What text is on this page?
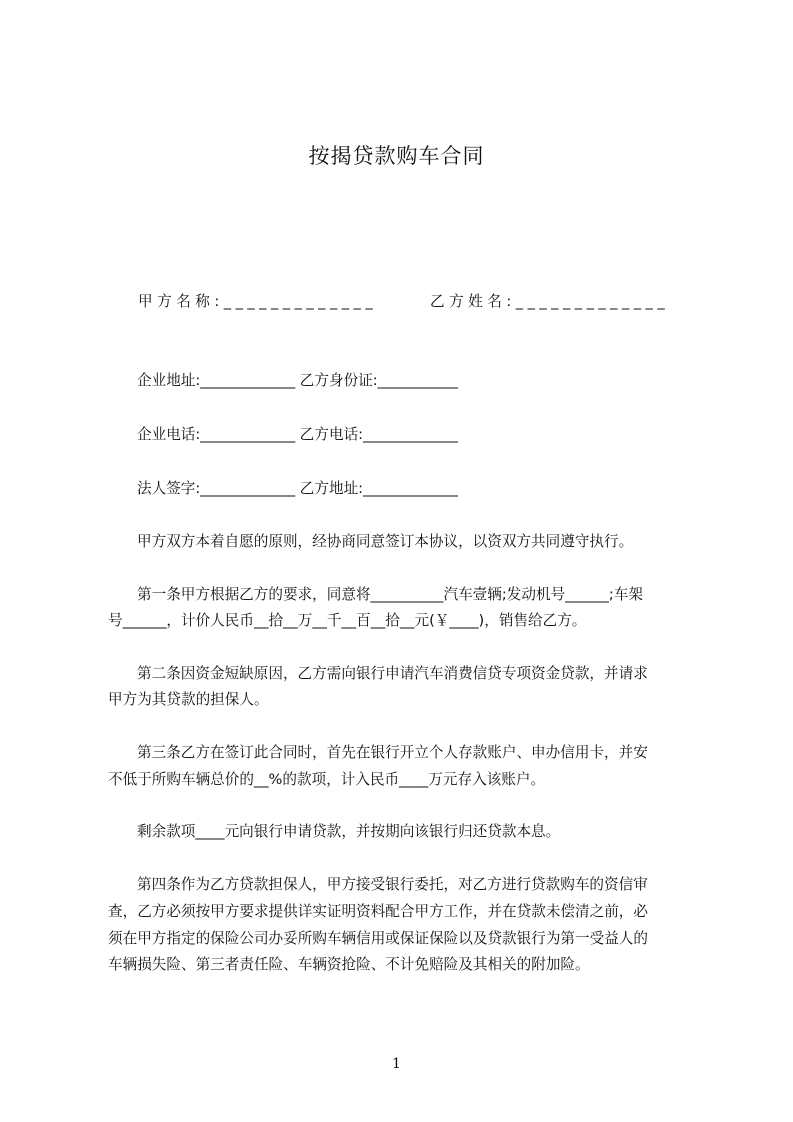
按揭贷款购车合同

甲方名称:_____________	乙方姓名:_____________

企业地址:_____________ 乙方身份证:___________

企业电话:_____________ 乙方电话:_____________

法人签字:_____________ 乙方地址:_____________

甲方双方本着自愿的原则，经协商同意签订本协议，以资双方共同遵守执行。

第一条甲方根据乙方的要求，同意将__________汽车壹辆;发动机号______;车架

号______，计价人民币__拾__万__千__百__拾__元(￥____)，销售给乙方。

第二条因资金短缺原因，乙方需向银行申请汽车消费信贷专项资金贷款，并请求

甲方为其贷款的担保人。

第三条乙方在签订此合同时，首先在银行开立个人存款账户、申办信用卡，并安

不低于所购车辆总价的__%的款项，计入民币____万元存入该账户。

剩余款项____元向银行申请贷款，并按期向该银行归还贷款本息。

第四条作为乙方贷款担保人，甲方接受银行委托，对乙方进行贷款购车的资信审

查，乙方必须按甲方要求提供详实证明资料配合甲方工作，并在贷款未偿清之前，必

须在甲方指定的保险公司办妥所购车辆信用或保证保险以及贷款银行为第一受益人的

车辆损失险、第三者责任险、车辆资抢险、不计免赔险及其相关的附加险。

1
